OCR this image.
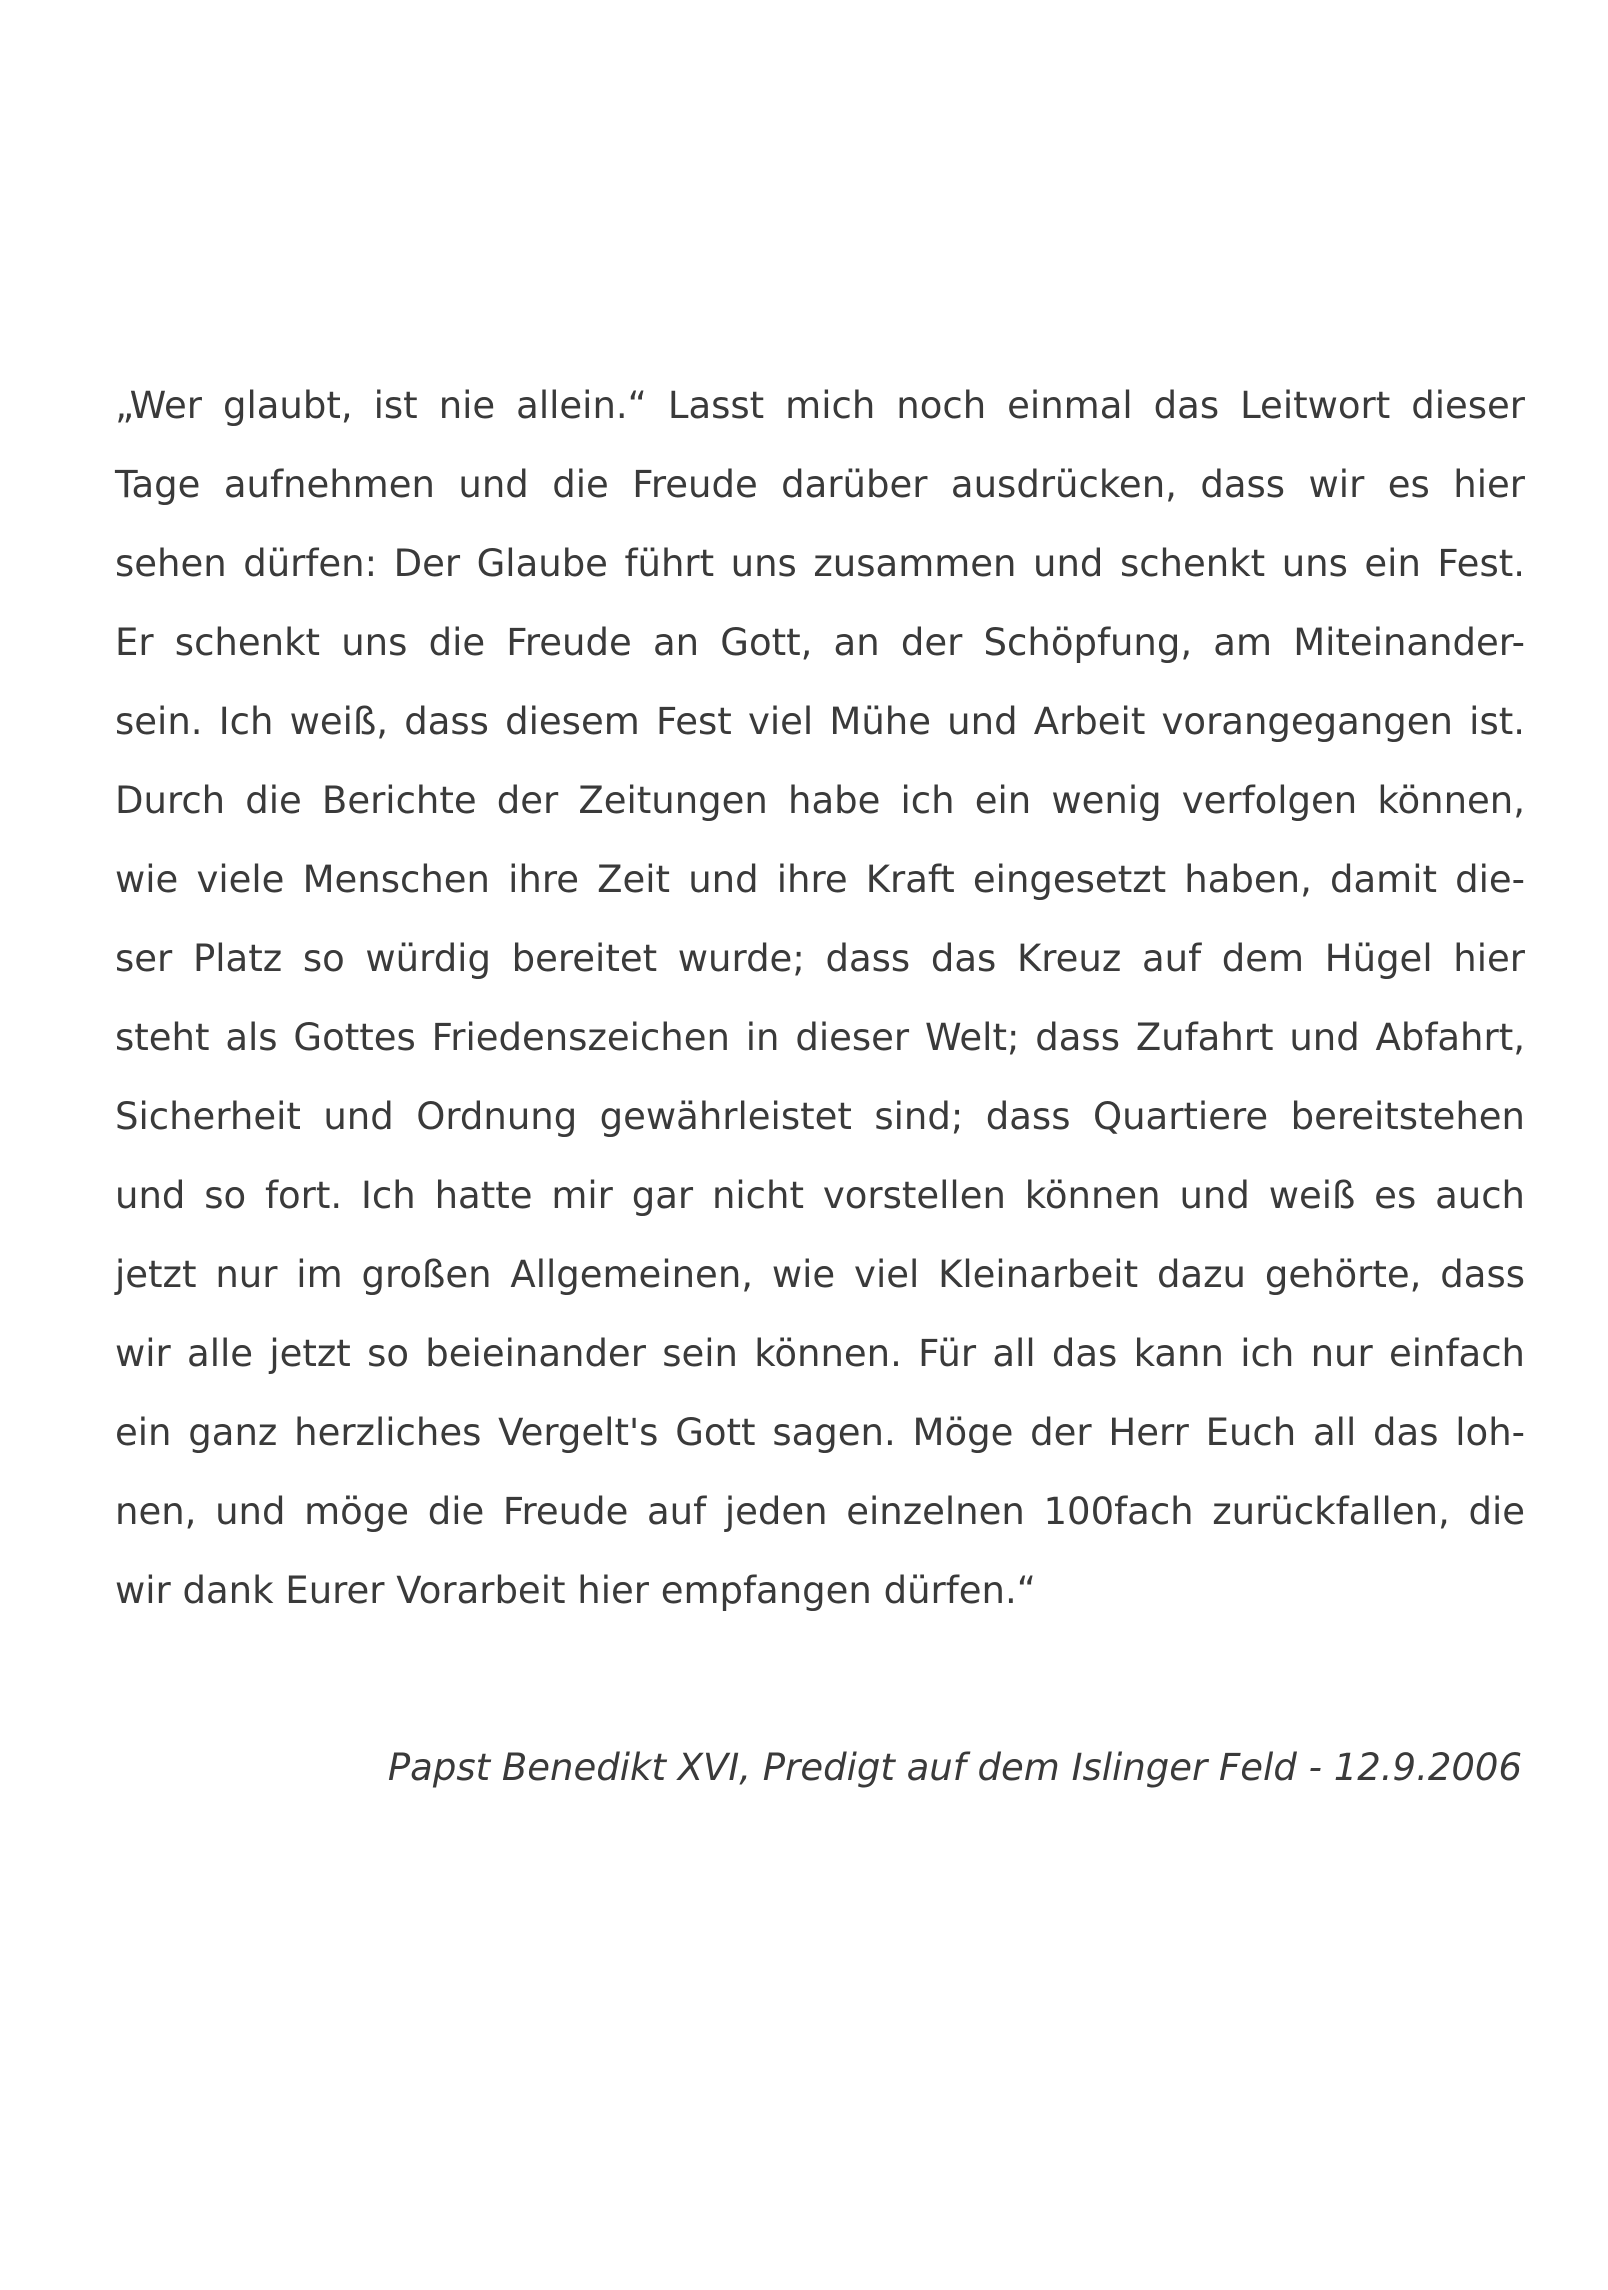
„Wer glaubt, ist nie allein.“ Lasst mich noch einmal das Leitwort dieser
Tage aufnehmen und die Freude darüber ausdrücken, dass wir es hier
sehen dürfen: Der Glaube führt uns zusammen und schenkt uns ein Fest.
Er schenkt uns die Freude an Gott, an der Schöpfung, am Miteinander-
sein. Ich weiß, dass diesem Fest viel Mühe und Arbeit vorangegangen ist.
Durch die Berichte der Zeitungen habe ich ein wenig verfolgen können,
wie viele Menschen ihre Zeit und ihre Kraft eingesetzt haben, damit die-
ser Platz so würdig bereitet wurde; dass das Kreuz auf dem Hügel hier
steht als Gottes Friedenszeichen in dieser Welt; dass Zufahrt und Abfahrt,
Sicherheit und Ordnung gewährleistet sind; dass Quartiere bereitstehen
und so fort. Ich hatte mir gar nicht vorstellen können und weiß es auch
jetzt nur im großen Allgemeinen, wie viel Kleinarbeit dazu gehörte, dass
wir alle jetzt so beieinander sein können. Für all das kann ich nur einfach
ein ganz herzliches Vergelt's Gott sagen. Möge der Herr Euch all das loh-
nen, und möge die Freude auf jeden einzelnen 100fach zurückfallen, die
wir dank Eurer Vorarbeit hier empfangen dürfen.“
Papst Benedikt XVI, Predigt auf dem Islinger Feld - 12.9.2006
